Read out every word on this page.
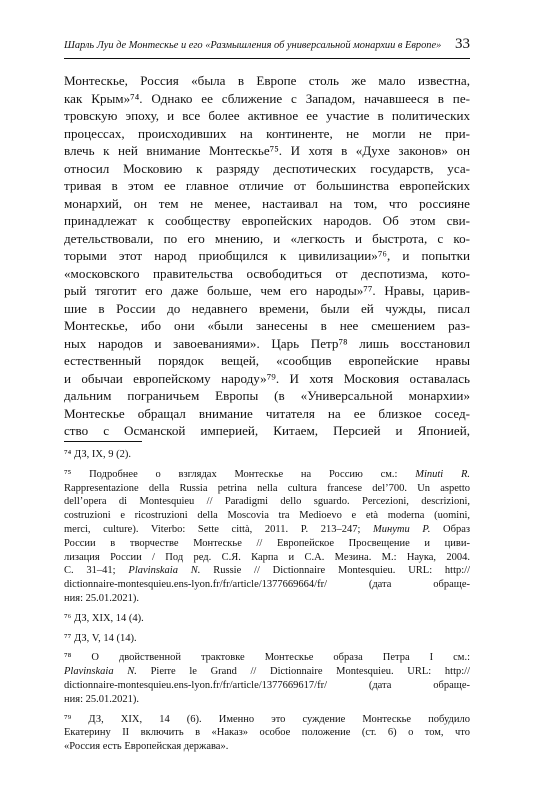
Шарль Луи де Монтескье и его «Размышления об универсальной монархии в Европе» 33
Монтескье, Россия «была в Европе столь же мало известна,
как Крым»⁷⁴. Однако ее сближение с Западом, начавшееся в пе-
тровскую эпоху, и все более активное ее участие в политических
процессах, происходивших на континенте, не могли не при-
влечь к ней внимание Монтескье⁷⁵. И хотя в «Духе законов» он
относил Московию к разряду деспотических государств, уса-
тривая в этом ее главное отличие от большинства европейских
монархий, он тем не менее, настаивал на том, что россияне
принадлежат к сообществу европейских народов. Об этом сви-
детельствовали, по его мнению, и «легкость и быстрота, с ко-
торыми этот народ приобщился к цивилизации»⁷⁶, и попытки
«московского правительства освободиться от деспотизма, кото-
рый тяготит его даже больше, чем его народы»⁷⁷. Нравы, царив-
шие в России до недавнего времени, были ей чужды, писал
Монтескье, ибо они «были занесены в нее смешением раз-
ных народов и завоеваниями». Царь Петр⁷⁸ лишь восстановил
естественный порядок вещей, «сообщив европейские нравы
и обычаи европейскому народу»⁷⁹. И хотя Московия оставалась
дальним пограничьем Европы (в «Универсальной монархии»
Монтескье обращал внимание читателя на ее близкое сосед-
ство с Османской империей, Китаем, Персией и Японией,
⁷⁴ ДЗ, IX, 9 (2).
⁷⁵ Подробнее о взглядах Монтескье на Россию см.: Minuti R.
Rappresentazione della Russia petrina nella cultura francese del’700. Un aspetto
dell’opera di Montesquieu // Paradigmi dello sguardo. Percezioni, descrizioni,
costruzioni e ricostruzioni della Moscovia tra Medioevo e età moderna (uomini,
merci, culture). Viterbo: Sette città, 2011. P. 213–247; Минути Р. Образ
России в творчестве Монтескье // Европейское Просвещение и циви-
лизация России / Под ред. С.Я. Карпа и С.А. Мезина. М.: Наука, 2004.
С. 31–41; Plavinskaia N. Russie // Dictionnaire Montesquieu. URL: http://
dictionnaire-montesquieu.ens-lyon.fr/fr/article/1377669664/fr/ (дата обраще-
ния: 25.01.2021).
⁷⁶ ДЗ, XIX, 14 (4).
⁷⁷ ДЗ, V, 14 (14).
⁷⁸ О двойственной трактовке Монтескье образа Петра I см.:
Plavinskaia N. Pierre le Grand // Dictionnaire Montesquieu. URL: http://
dictionnaire-montesquieu.ens-lyon.fr/fr/article/1377669617/fr/ (дата обраще-
ния: 25.01.2021).
⁷⁹ ДЗ, XIX, 14 (6). Именно это суждение Монтескье побудило
Екатерину II включить в «Наказ» особое положение (ст. 6) о том, что
«Россия есть Европейская держава».
